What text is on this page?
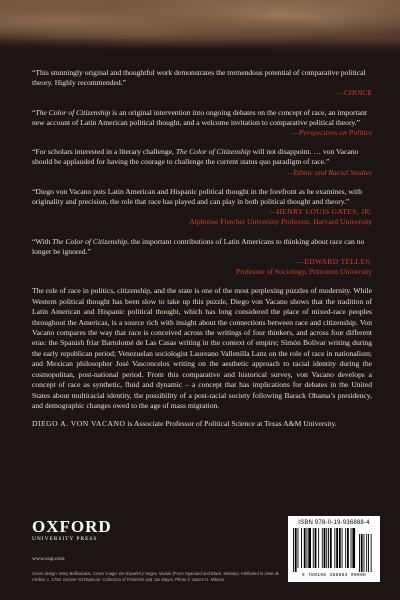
“This stunningly original and thoughtful work demonstrates the tremendous potential of comparative political theory. Highly recommended.”
—CHOICE
“The Color of Citizenship is an original intervention into ongoing debates on the concept of race, an important new account of Latin American political thought, and a welcome invitation to comparative political theory.”
—Perspectives on Politics
“For scholars interested in a literary challenge, The Color of Citizenship will not disappoint. … von Vacano should be applauded for having the courage to challenge the current status quo paradigm of race.”
—Ethnic and Racial Studies
“Diego von Vacano puts Latin American and Hispanic political thought in the forefront as he examines, with originality and precision, the role that race has played and can play in both political thought and theory.”
—HENRY LOUIS GATES, JR.
Alphonse Fletcher University Professor, Harvard University
“With The Color of Citizenship, the important contributions of Latin Americans to thinking about race can no longer be ignored.”
—EDWARD TELLES,
Professor of Sociology, Princeton University

The role of race in politics, citizenship, and the state is one of the most perplexing puzzles of modernity. While Western political thought has been slow to take up this puzzle, Diego von Vacano shows that the tradition of Latin American and Hispanic political thought, which has long considered the place of mixed-race peoples throughout the Americas, is a source rich with insight about the connections between race and citizenship. Von Vacano compares the way that race is conceived across the writings of four thinkers, and across four different eras: the Spanish friar Bartolomé de Las Casas writing in the context of empire; Simón Bolívar writing during the early republican period; Venezuelan sociologist Laureano Vallenilla Lanz on the role of race in nationalism; and Mexican philosopher José Vasconcelos writing on the aesthetic approach to racial identity during the cosmopolitan, post-national period. From this comparative and historical survey, von Vacano develops a concept of race as synthetic, fluid and dynamic – a concept that has implications for debates in the United States about multiracial identity, the possibility of a post-racial society following Barack Obama’s presidency, and demographic changes owed to the age of mass migration.

DIEGO A. VON VACANO is Associate Professor of Political Science at Texas A&M University.

OXFORD
UNIVERSITY PRESS
www.oup.com
Cover design: Mary Belibasakis. Cover image: De Español y Negra, Mulato (From Spaniard and Black, Mulatto). Attributed to José de Alcíbar, c. 1760. Denver Art Museum: Collection of Frederick and Jan Mayer. Photo © James O. Milmoe
ISBN 978-0-19-936888-4
9 780199 368884 90000
